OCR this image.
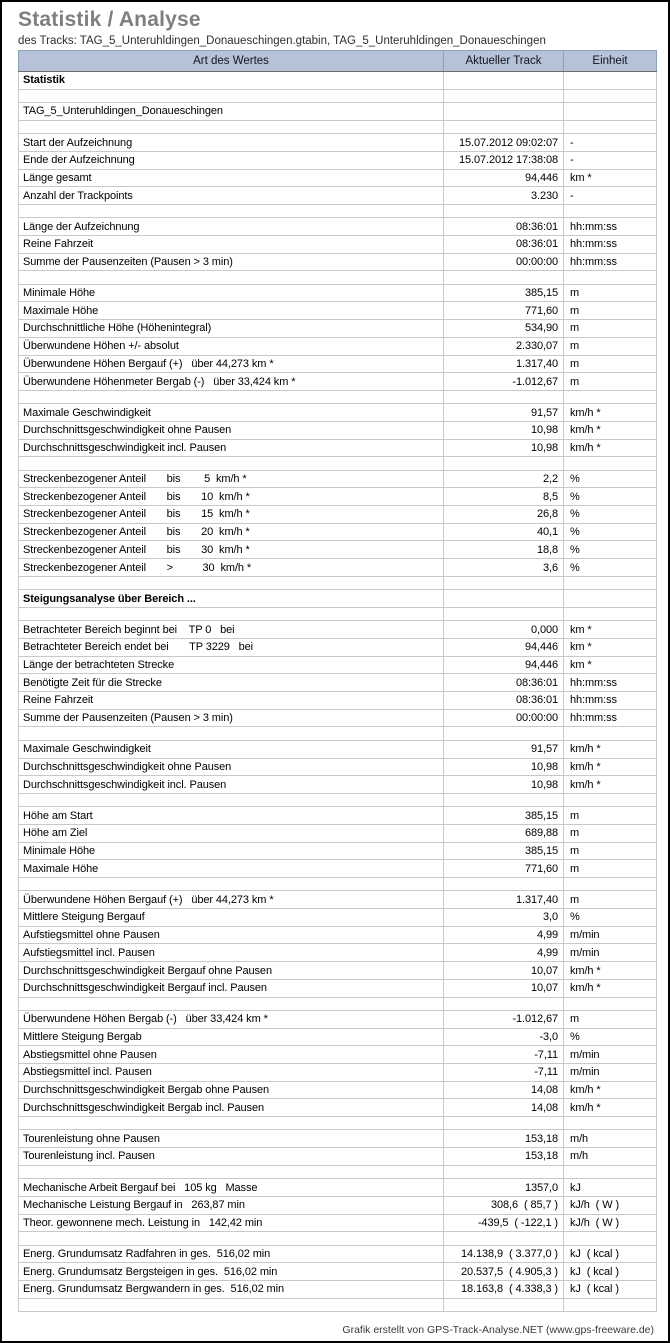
Statistik / Analyse
des Tracks: TAG_5_Unteruhldingen_Donaueschingen.gtabin, TAG_5_Unteruhldingen_Donaueschingen
Art des Wertes	Aktueller Track	Einheit
Statistik		

TAG_5_Unteruhldingen_Donaueschingen		

Start der Aufzeichnung	15.07.2012 09:02:07	-
Ende der Aufzeichnung	15.07.2012 17:38:08	-
Länge gesamt	94,446	km *
Anzahl der Trackpoints	3.230	-

Länge der Aufzeichnung	08:36:01	hh:mm:ss
Reine Fahrzeit	08:36:01	hh:mm:ss
Summe der Pausenzeiten (Pausen > 3 min)	00:00:00	hh:mm:ss

Minimale Höhe	385,15	m
Maximale Höhe	771,60	m
Durchschnittliche Höhe (Höhenintegral)	534,90	m
Überwundene Höhen +/- absolut	2.330,07	m
Überwundene Höhen Bergauf (+)   über 44,273 km *	1.317,40	m
Überwundene Höhenmeter Bergab (-)   über 33,424 km *	-1.012,67	m

Maximale Geschwindigkeit	91,57	km/h *
Durchschnittsgeschwindigkeit ohne Pausen	10,98	km/h *
Durchschnittsgeschwindigkeit incl. Pausen	10,98	km/h *

Streckenbezogener Anteil       bis        5  km/h *	2,2	%
Streckenbezogener Anteil       bis       10  km/h *	8,5	%
Streckenbezogener Anteil       bis       15  km/h *	26,8	%
Streckenbezogener Anteil       bis       20  km/h *	40,1	%
Streckenbezogener Anteil       bis       30  km/h *	18,8	%
Streckenbezogener Anteil       >          30  km/h *	3,6	%

Steigungsanalyse über Bereich ...		

Betrachteter Bereich beginnt bei    TP 0   bei	0,000	km *
Betrachteter Bereich endet bei       TP 3229   bei	94,446	km *
Länge der betrachteten Strecke	94,446	km *
Benötigte Zeit für die Strecke	08:36:01	hh:mm:ss
Reine Fahrzeit	08:36:01	hh:mm:ss
Summe der Pausenzeiten (Pausen > 3 min)	00:00:00	hh:mm:ss

Maximale Geschwindigkeit	91,57	km/h *
Durchschnittsgeschwindigkeit ohne Pausen	10,98	km/h *
Durchschnittsgeschwindigkeit incl. Pausen	10,98	km/h *

Höhe am Start	385,15	m
Höhe am Ziel	689,88	m
Minimale Höhe	385,15	m
Maximale Höhe	771,60	m

Überwundene Höhen Bergauf (+)   über 44,273 km *	1.317,40	m
Mittlere Steigung Bergauf	3,0	%
Aufstiegsmittel ohne Pausen	4,99	m/min
Aufstiegsmittel incl. Pausen	4,99	m/min
Durchschnittsgeschwindigkeit Bergauf ohne Pausen	10,07	km/h *
Durchschnittsgeschwindigkeit Bergauf incl. Pausen	10,07	km/h *

Überwundene Höhen Bergab (-)   über 33,424 km *	-1.012,67	m
Mittlere Steigung Bergab	-3,0	%
Abstiegsmittel ohne Pausen	-7,11	m/min
Abstiegsmittel incl. Pausen	-7,11	m/min
Durchschnittsgeschwindigkeit Bergab ohne Pausen	14,08	km/h *
Durchschnittsgeschwindigkeit Bergab incl. Pausen	14,08	km/h *

Tourenleistung ohne Pausen	153,18	m/h
Tourenleistung incl. Pausen	153,18	m/h

Mechanische Arbeit Bergauf bei   105 kg   Masse	1357,0	kJ
Mechanische Leistung Bergauf in   263,87 min	308,6  ( 85,7 )	kJ/h  ( W )
Theor. gewonnene mech. Leistung in   142,42 min	-439,5  ( -122,1 )	kJ/h  ( W )

Energ. Grundumsatz Radfahren in ges.  516,02 min	14.138,9  ( 3.377,0 )	kJ  ( kcal )
Energ. Grundumsatz Bergsteigen in ges.  516,02 min	20.537,5  ( 4.905,3 )	kJ  ( kcal )
Energ. Grundumsatz Bergwandern in ges.  516,02 min	18.163,8  ( 4.338,3 )	kJ  ( kcal )

Grafik erstellt von GPS-Track-Analyse.NET (www.gps-freeware.de)
